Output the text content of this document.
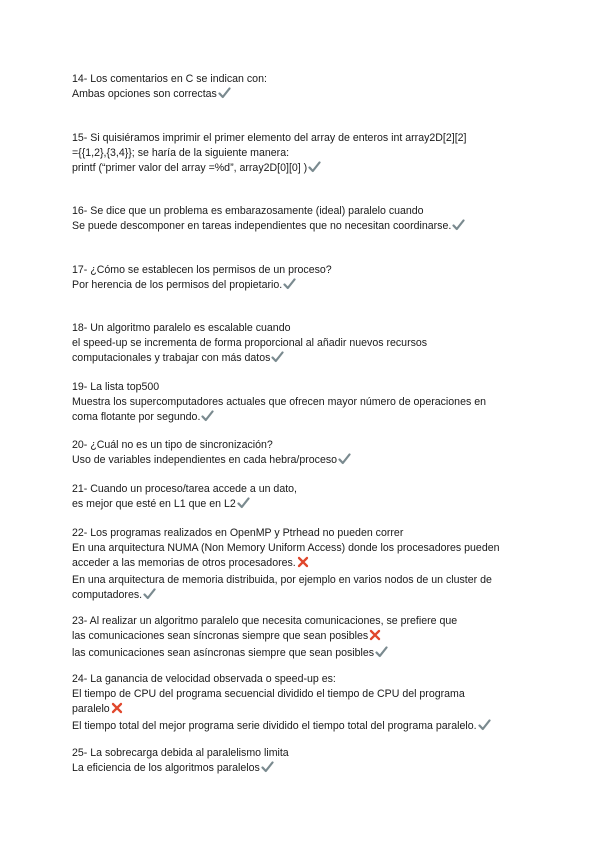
14- Los comentarios en C se indican con:
Ambas opciones son correctas
15- Si quisiéramos imprimir el primer elemento del array de enteros int array2D[2][2]
={{1,2},{3,4}}; se haría de la siguiente manera:
printf (“primer valor del array =%d”, array2D[0][0] )
16- Se dice que un problema es embarazosamente (ideal) paralelo cuando
Se puede descomponer en tareas independientes que no necesitan coordinarse.
17- ¿Cómo se establecen los permisos de un proceso?
Por herencia de los permisos del propietario.
18- Un algoritmo paralelo es escalable cuando
el speed-up se incrementa de forma proporcional al añadir nuevos recursos
computacionales y trabajar con más datos
19- La lista top500
Muestra los supercomputadores actuales que ofrecen mayor número de operaciones en
coma flotante por segundo.
20- ¿Cuál no es un tipo de sincronización?
Uso de variables independientes en cada hebra/proceso
21- Cuando un proceso/tarea accede a un dato,
es mejor que esté en L1 que en L2
22- Los programas realizados en OpenMP y Ptrhead no pueden correr
En una arquitectura NUMA (Non Memory Uniform Access) donde los procesadores pueden
acceder a las memorias de otros procesadores.
En una arquitectura de memoria distribuida, por ejemplo en varios nodos de un cluster de
computadores.
23- Al realizar un algoritmo paralelo que necesita comunicaciones, se prefiere que
las comunicaciones sean síncronas siempre que sean posibles
las comunicaciones sean asíncronas siempre que sean posibles
24- La ganancia de velocidad observada o speed-up es:
El tiempo de CPU del programa secuencial dividido el tiempo de CPU del programa
paralelo
El tiempo total del mejor programa serie dividido el tiempo total del programa paralelo.
25- La sobrecarga debida al paralelismo limita
La eficiencia de los algoritmos paralelos
